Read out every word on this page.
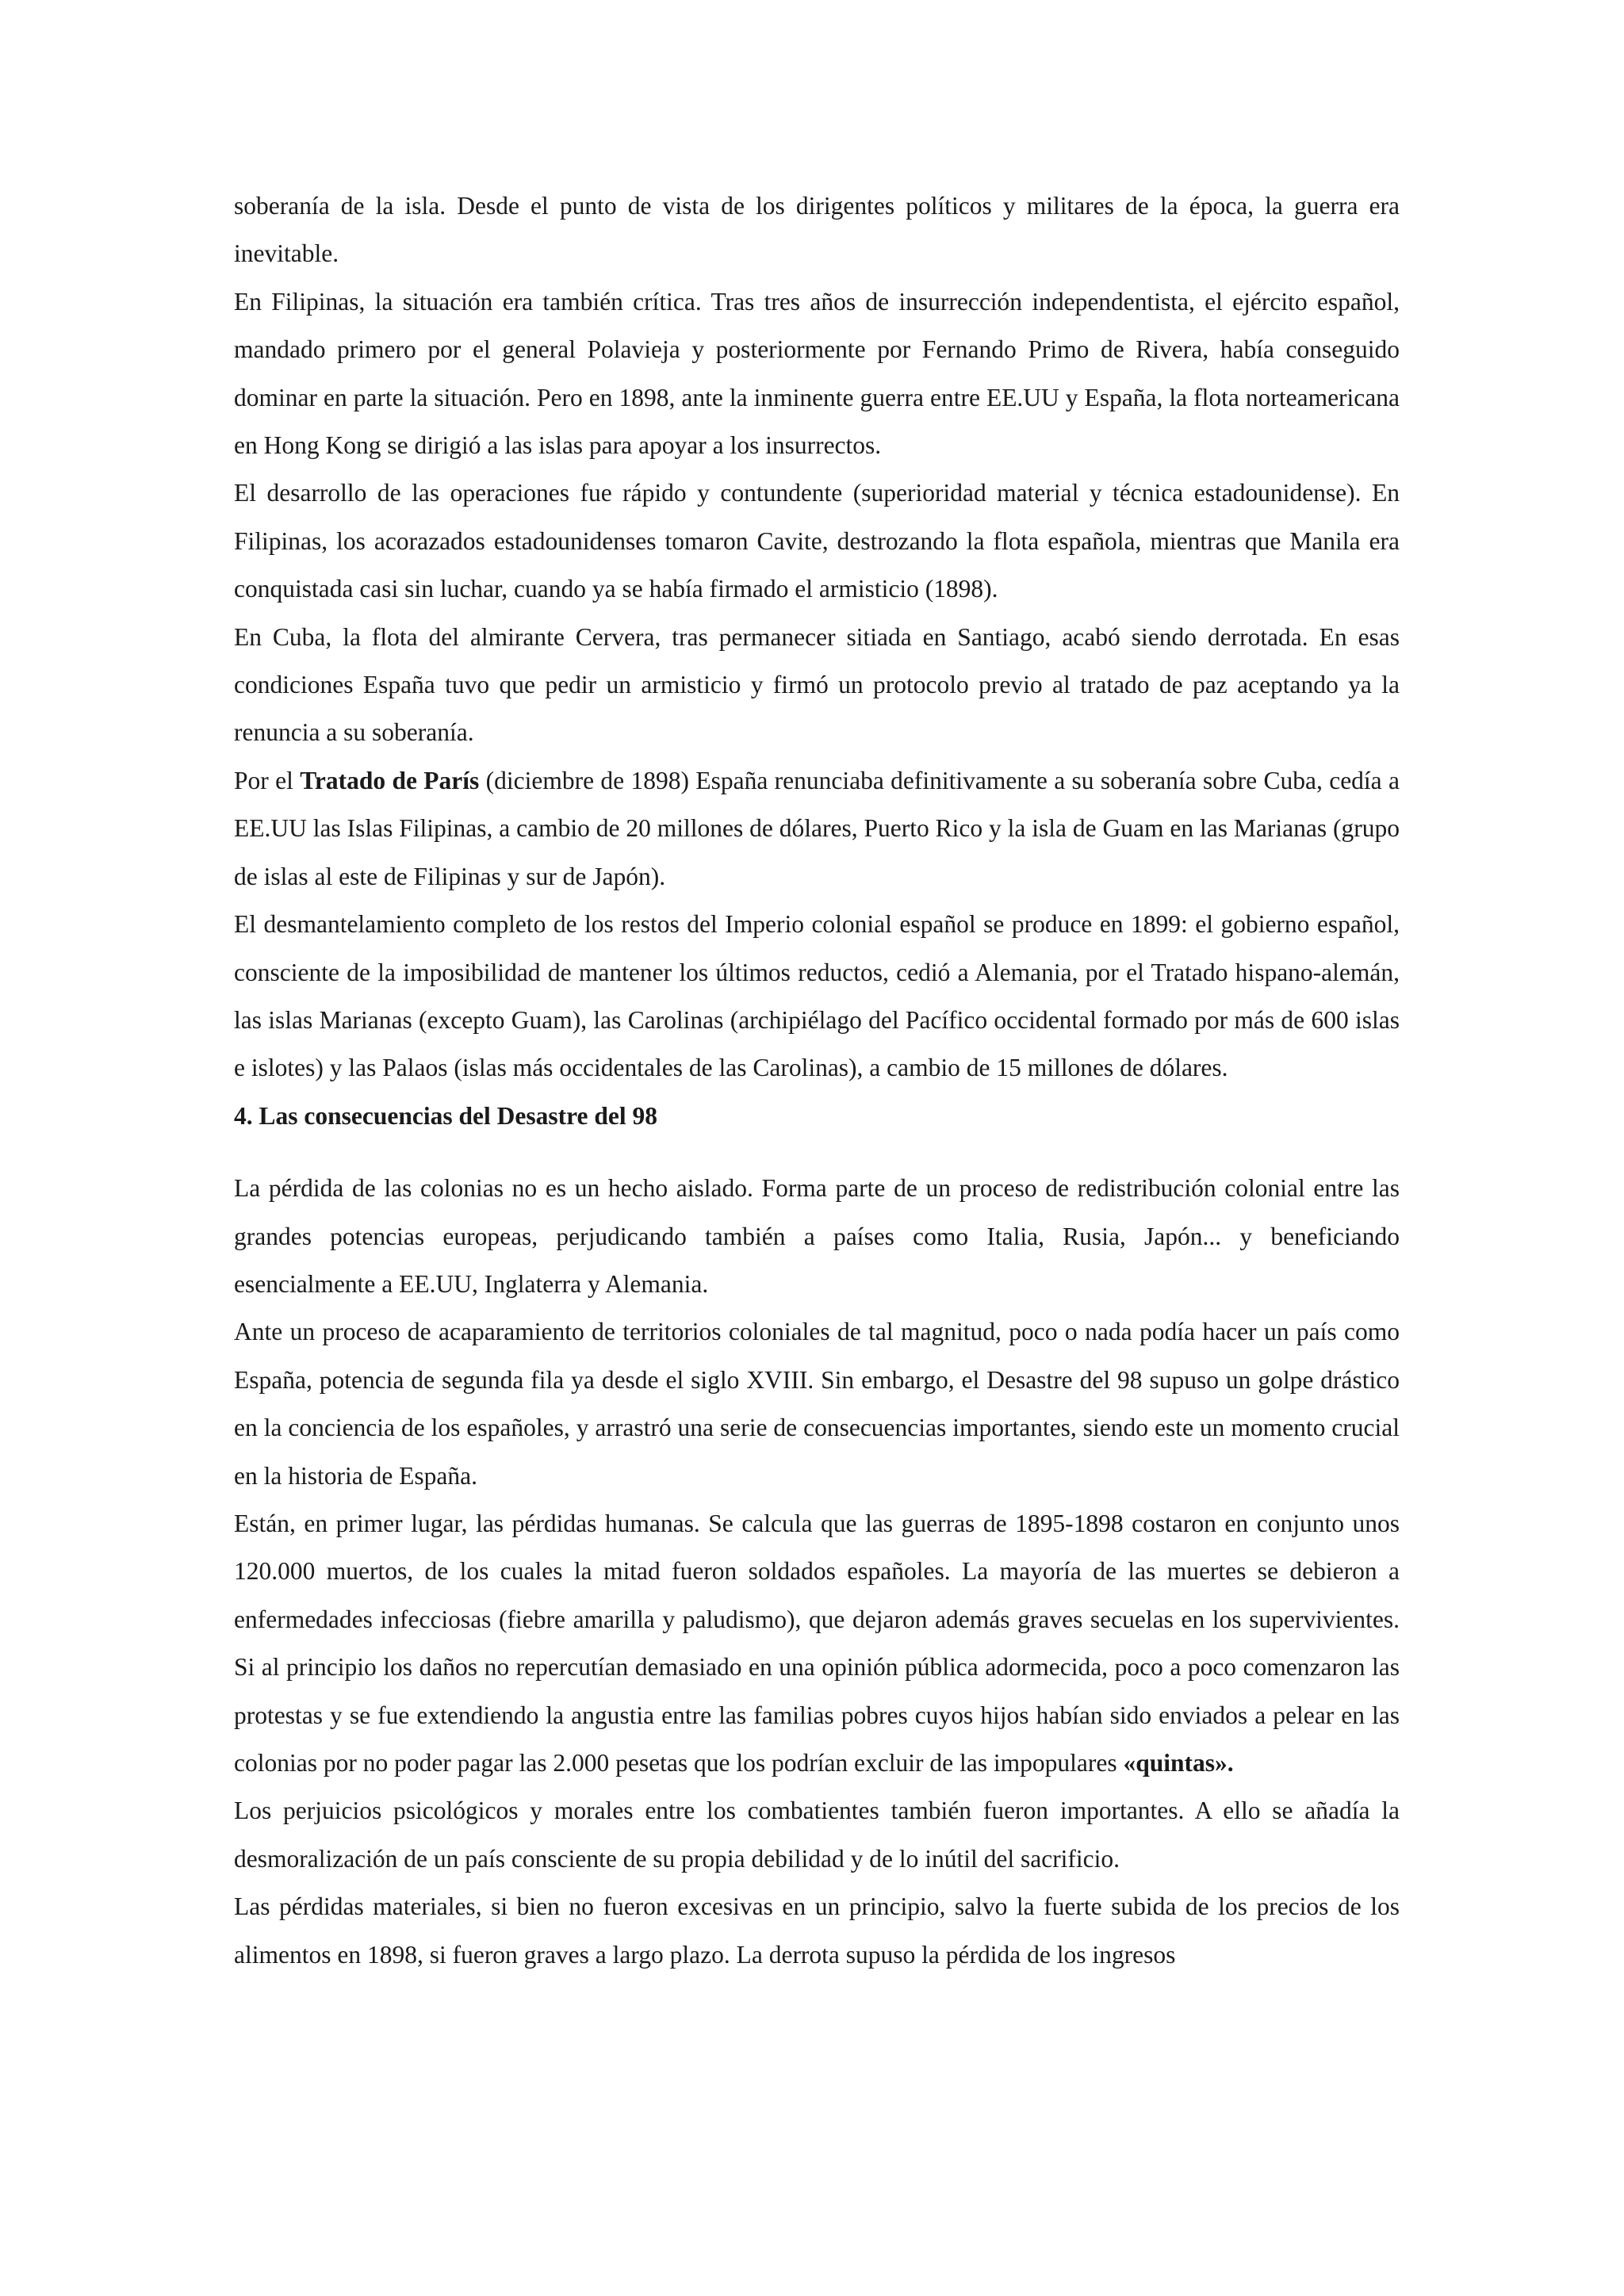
soberanía de la isla. Desde el punto de vista de los dirigentes políticos y militares de la época, la guerra era inevitable.

En Filipinas, la situación era también crítica. Tras tres años de insurrección independentista, el ejército español, mandado primero por el general Polavieja y posteriormente por Fernando Primo de Rivera, había conseguido dominar en parte la situación. Pero en 1898, ante la inminente guerra entre EE.UU y España, la flota norteamericana en Hong Kong se dirigió a las islas para apoyar a los insurrectos.

El desarrollo de las operaciones fue rápido y contundente (superioridad material y técnica estadounidense). En Filipinas, los acorazados estadounidenses tomaron Cavite, destrozando la flota española, mientras que Manila era conquistada casi sin luchar, cuando ya se había firmado el armisticio (1898).

En Cuba, la flota del almirante Cervera, tras permanecer sitiada en Santiago, acabó siendo derrotada. En esas condiciones España tuvo que pedir un armisticio y firmó un protocolo previo al tratado de paz aceptando ya la renuncia a su soberanía.

Por el Tratado de París (diciembre de 1898) España renunciaba definitivamente a su soberanía sobre Cuba, cedía a EE.UU las Islas Filipinas, a cambio de 20 millones de dólares, Puerto Rico y la isla de Guam en las Marianas (grupo de islas al este de Filipinas y sur de Japón).

El desmantelamiento completo de los restos del Imperio colonial español se produce en 1899: el gobierno español, consciente de la imposibilidad de mantener los últimos reductos, cedió a Alemania, por el Tratado hispano-alemán, las islas Marianas (excepto Guam), las Carolinas (archipiélago del Pacífico occidental formado por más de 600 islas e islotes) y las Palaos (islas más occidentales de las Carolinas), a cambio de 15 millones de dólares.

4. Las consecuencias del Desastre del 98

La pérdida de las colonias no es un hecho aislado. Forma parte de un proceso de redistribución colonial entre las grandes potencias europeas, perjudicando también a países como Italia, Rusia, Japón... y beneficiando esencialmente a EE.UU, Inglaterra y Alemania.

Ante un proceso de acaparamiento de territorios coloniales de tal magnitud, poco o nada podía hacer un país como España, potencia de segunda fila ya desde el siglo XVIII. Sin embargo, el Desastre del 98 supuso un golpe drástico en la conciencia de los españoles, y arrastró una serie de consecuencias importantes, siendo este un momento crucial en la historia de España.

Están, en primer lugar, las pérdidas humanas. Se calcula que las guerras de 1895-1898 costaron en conjunto unos 120.000 muertos, de los cuales la mitad fueron soldados españoles. La mayoría de las muertes se debieron a enfermedades infecciosas (fiebre amarilla y paludismo), que dejaron además graves secuelas en los supervivientes. Si al principio los daños no repercutían demasiado en una opinión pública adormecida, poco a poco comenzaron las protestas y se fue extendiendo la angustia entre las familias pobres cuyos hijos habían sido enviados a pelear en las colonias por no poder pagar las 2.000 pesetas que los podrían excluir de las impopulares «quintas».

Los perjuicios psicológicos y morales entre los combatientes también fueron importantes. A ello se añadía la desmoralización de un país consciente de su propia debilidad y de lo inútil del sacrificio.

Las pérdidas materiales, si bien no fueron excesivas en un principio, salvo la fuerte subida de los precios de los alimentos en 1898, si fueron graves a largo plazo. La derrota supuso la pérdida de los ingresos
